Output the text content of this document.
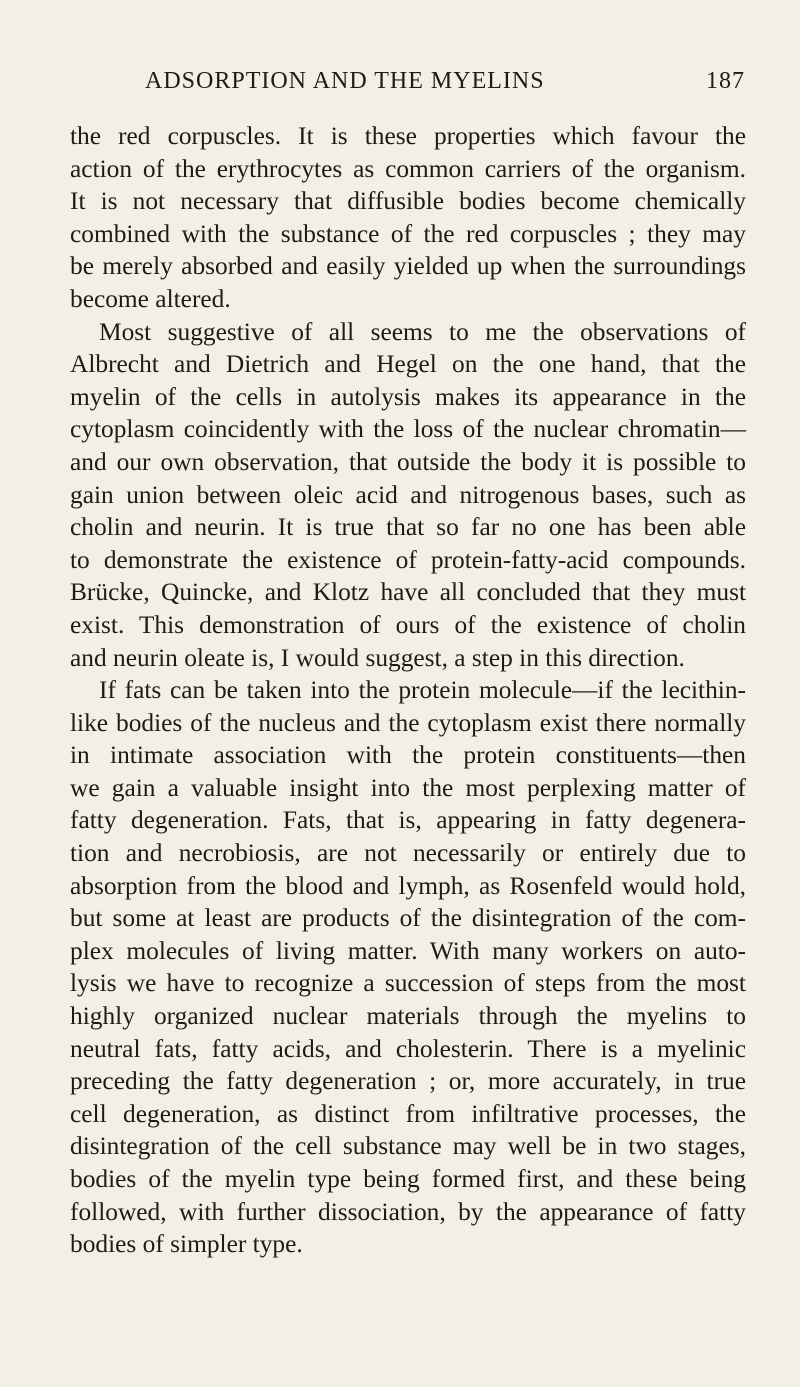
ADSORPTION AND THE MYELINS	187
the red corpuscles. It is these properties which favour the
action of the erythrocytes as common carriers of the organism.
It is not necessary that diffusible bodies become chemically
combined with the substance of the red corpuscles ; they may
be merely absorbed and easily yielded up when the surroundings
become altered.
Most suggestive of all seems to me the observations of
Albrecht and Dietrich and Hegel on the one hand, that the
myelin of the cells in autolysis makes its appearance in the
cytoplasm coincidently with the loss of the nuclear chromatin—
and our own observation, that outside the body it is possible to
gain union between oleic acid and nitrogenous bases, such as
cholin and neurin. It is true that so far no one has been able
to demonstrate the existence of protein-fatty-acid compounds.
Brücke, Quincke, and Klotz have all concluded that they must
exist. This demonstration of ours of the existence of cholin
and neurin oleate is, I would suggest, a step in this direction.
If fats can be taken into the protein molecule—if the lecithin-
like bodies of the nucleus and the cytoplasm exist there normally
in intimate association with the protein constituents—then
we gain a valuable insight into the most perplexing matter of
fatty degeneration. Fats, that is, appearing in fatty degenera-
tion and necrobiosis, are not necessarily or entirely due to
absorption from the blood and lymph, as Rosenfeld would hold,
but some at least are products of the disintegration of the com-
plex molecules of living matter. With many workers on auto-
lysis we have to recognize a succession of steps from the most
highly organized nuclear materials through the myelins to
neutral fats, fatty acids, and cholesterin. There is a myelinic
preceding the fatty degeneration ; or, more accurately, in true
cell degeneration, as distinct from infiltrative processes, the
disintegration of the cell substance may well be in two stages,
bodies of the myelin type being formed first, and these being
followed, with further dissociation, by the appearance of fatty
bodies of simpler type.
